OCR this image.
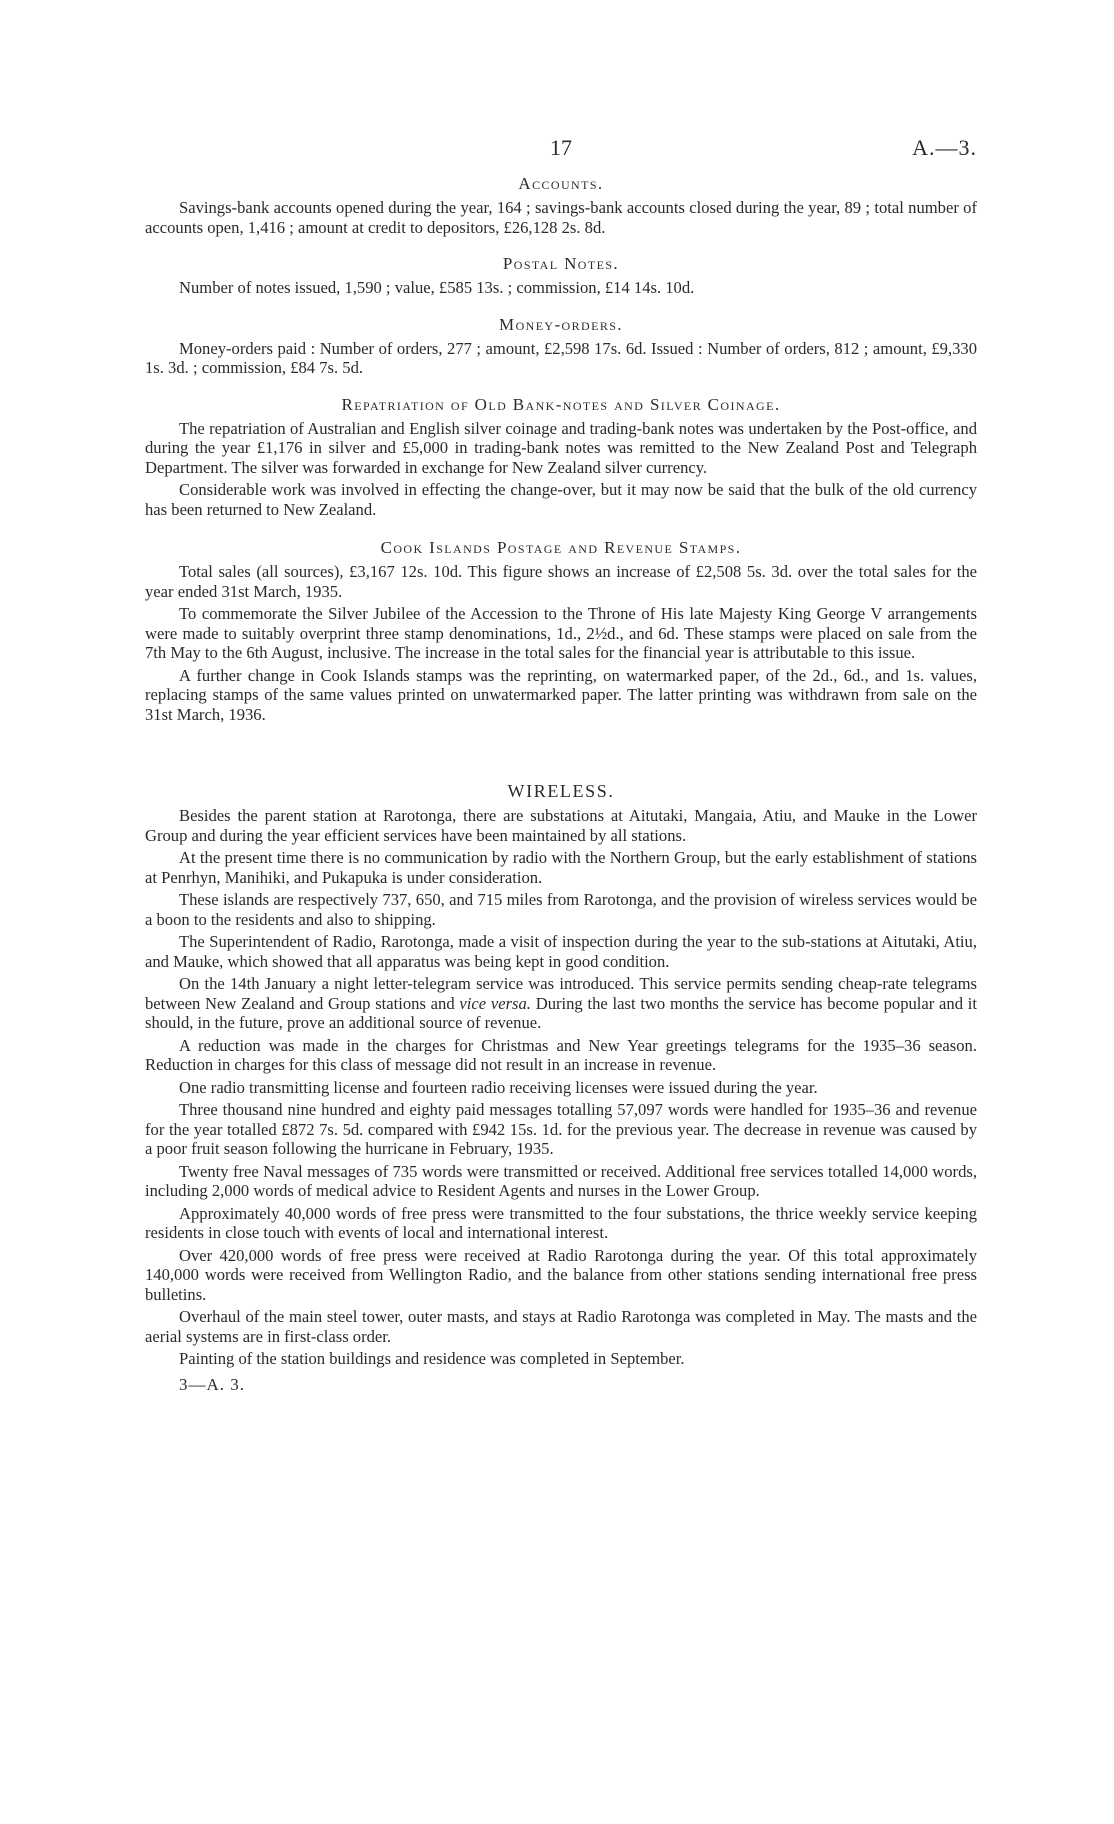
17	A.—3.
Accounts.

Savings-bank accounts opened during the year, 164 ; savings-bank accounts closed during the year, 89 ; total number of accounts open, 1,416 ; amount at credit to depositors, £26,128 2s. 8d.

Postal Notes.

Number of notes issued, 1,590 ; value, £585 13s. ; commission, £14 14s. 10d.

Money-orders.

Money-orders paid : Number of orders, 277 ; amount, £2,598 17s. 6d. Issued : Number of orders, 812 ; amount, £9,330 1s. 3d. ; commission, £84 7s. 5d.

Repatriation of Old Bank-notes and Silver Coinage.

The repatriation of Australian and English silver coinage and trading-bank notes was undertaken by the Post-office, and during the year £1,176 in silver and £5,000 in trading-bank notes was remitted to the New Zealand Post and Telegraph Department. The silver was forwarded in exchange for New Zealand silver currency.

Considerable work was involved in effecting the change-over, but it may now be said that the bulk of the old currency has been returned to New Zealand.

Cook Islands Postage and Revenue Stamps.

Total sales (all sources), £3,167 12s. 10d. This figure shows an increase of £2,508 5s. 3d. over the total sales for the year ended 31st March, 1935.

To commemorate the Silver Jubilee of the Accession to the Throne of His late Majesty King George V arrangements were made to suitably overprint three stamp denominations, 1d., 2½d., and 6d. These stamps were placed on sale from the 7th May to the 6th August, inclusive. The increase in the total sales for the financial year is attributable to this issue.

A further change in Cook Islands stamps was the reprinting, on watermarked paper, of the 2d., 6d., and 1s. values, replacing stamps of the same values printed on unwatermarked paper. The latter printing was withdrawn from sale on the 31st March, 1936.

WIRELESS.

Besides the parent station at Rarotonga, there are substations at Aitutaki, Mangaia, Atiu, and Mauke in the Lower Group and during the year efficient services have been maintained by all stations.

At the present time there is no communication by radio with the Northern Group, but the early establishment of stations at Penrhyn, Manihiki, and Pukapuka is under consideration.

These islands are respectively 737, 650, and 715 miles from Rarotonga, and the provision of wireless services would be a boon to the residents and also to shipping.

The Superintendent of Radio, Rarotonga, made a visit of inspection during the year to the sub-stations at Aitutaki, Atiu, and Mauke, which showed that all apparatus was being kept in good condition.

On the 14th January a night letter-telegram service was introduced. This service permits sending cheap-rate telegrams between New Zealand and Group stations and vice versa. During the last two months the service has become popular and it should, in the future, prove an additional source of revenue.

A reduction was made in the charges for Christmas and New Year greetings telegrams for the 1935–36 season. Reduction in charges for this class of message did not result in an increase in revenue.

One radio transmitting license and fourteen radio receiving licenses were issued during the year.

Three thousand nine hundred and eighty paid messages totalling 57,097 words were handled for 1935–36 and revenue for the year totalled £872 7s. 5d. compared with £942 15s. 1d. for the previous year. The decrease in revenue was caused by a poor fruit season following the hurricane in February, 1935.

Twenty free Naval messages of 735 words were transmitted or received. Additional free services totalled 14,000 words, including 2,000 words of medical advice to Resident Agents and nurses in the Lower Group.

Approximately 40,000 words of free press were transmitted to the four substations, the thrice weekly service keeping residents in close touch with events of local and international interest.

Over 420,000 words of free press were received at Radio Rarotonga during the year. Of this total approximately 140,000 words were received from Wellington Radio, and the balance from other stations sending international free press bulletins.

Overhaul of the main steel tower, outer masts, and stays at Radio Rarotonga was completed in May. The masts and the aerial systems are in first-class order.

Painting of the station buildings and residence was completed in September.

3—A. 3.
